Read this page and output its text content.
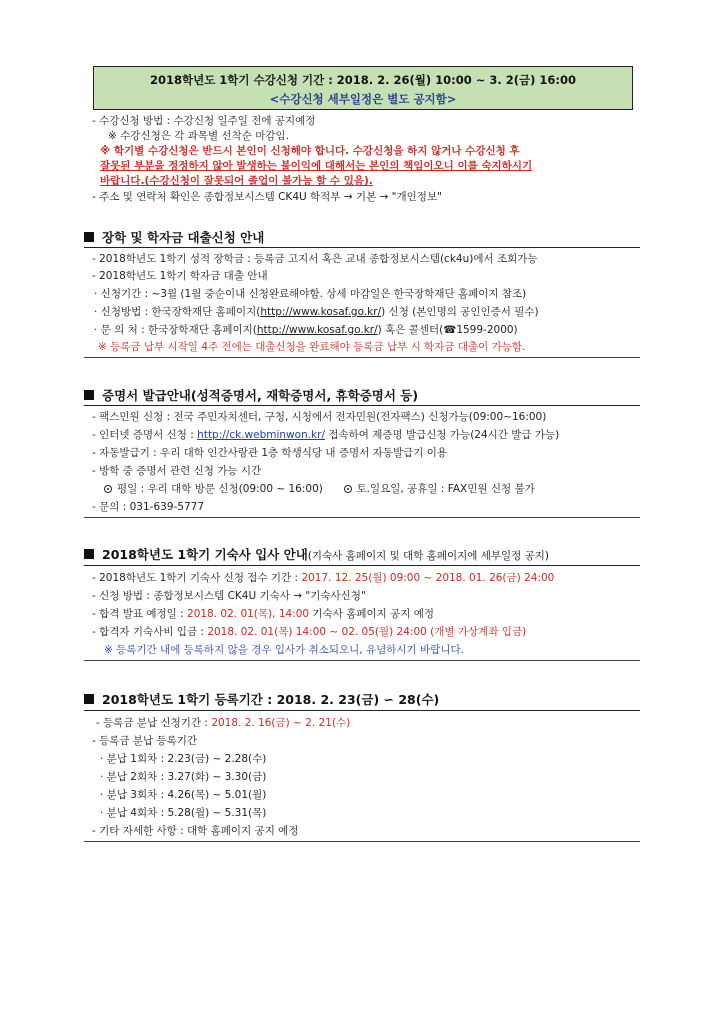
2018학년도 1학기 수강신청 기간 : 2018. 2. 26(월) 10:00 ∼ 3. 2(금) 16:00
<수강신청 세부일정은 별도 공지함>
- 수강신청 방법 : 수강신청 일주일 전에 공지예정
※ 수강신청은 각 과목별 선착순 마감임.
※ 학기별 수강신청은 반드시 본인이 신청해야 합니다. 수강신청을 하지 않거나 수강신청 후
잘못된 부분을 정정하지 않아 발생하는 불이익에 대해서는 본인의 책임이오니 이를 숙지하시기
바랍니다.(수강신청이 잘못되어 졸업이 불가능 할 수 있음).
- 주소 및 연락처 확인은 종합정보시스템 CK4U 학적부 → 기본 → "개인정보"
장학 및 학자금 대출신청 안내
- 2018학년도 1학기 성적 장학금 : 등록금 고지서 혹은 교내 종합정보시스템(ck4u)에서 조회가능
- 2018학년도 1학기 학자금 대출 안내
· 신청기간 : ~3월 (1월 중순이내 신청완료해야함. 상세 마감일은 한국장학재단 홈페이지 참조)
· 신청방법 : 한국장학재단 홈페이지(http://www.kosaf.go.kr/) 신청 (본인명의 공인인증서 필수)
· 문 의 처 : 한국장학재단 홈페이지(http://www.kosaf.go.kr/) 혹은 콜센터(☎1599-2000)
※ 등록금 납부 시작일 4주 전에는 대출신청을 완료해야 등록금 납부 시 학자금 대출이 가능함.
증명서 발급안내(성적증명서, 재학증명서, 휴학증명서 등)
- 팩스민원 신청 : 전국 주민자치센터, 구청, 시청에서 전자민원(전자팩스) 신청가능(09:00~16:00)
- 인터넷 증명서 신청 : http://ck.webminwon.kr/ 접속하여 제증명 발급신청 가능(24시간 발급 가능)
- 자동발급기 : 우리 대학 인간사랑관 1층 학생식당 내 증명서 자동발급기 이용
- 방학 중 증명서 관련 신청 가능 시간
평일 : 우리 대학 방문 신청(09:00 ~ 16:00)	토.일요일, 공휴일 : FAX민원 신청 불가
- 문의 : 031-639-5777
2018학년도 1학기 기숙사 입사 안내(기숙사 홈페이지 및 대학 홈페이지에 세부일정 공지)
- 2018학년도 1학기 기숙사 신청 접수 기간 : 2017. 12. 25(월) 09:00 ~ 2018. 01. 26(금) 24:00
- 신청 방법 : 종합정보시스템 CK4U 기숙사 → "기숙사신청"
- 합격 발표 예정일 : 2018. 02. 01(목), 14:00 기숙사 홈페이지 공지 예정
- 합격자 기숙사비 입금 : 2018. 02. 01(목) 14:00 ~ 02. 05(월) 24:00 (개별 가상계좌 입금)
※ 등록기간 내에 등록하지 않을 경우 입사가 취소되오니, 유념하시기 바랍니다.
2018학년도 1학기 등록기간 : 2018. 2. 23(금) ∽ 28(수)
- 등록금 분납 신청기간 : 2018. 2. 16(금) ~ 2. 21(수)
- 등록금 분납 등록기간
· 분납 1회차 : 2.23(금) ~ 2.28(수)
· 분납 2회차 : 3.27(화) ~ 3.30(금)
· 분납 3회차 : 4.26(목) ~ 5.01(월)
· 분납 4회차 : 5.28(월) ~ 5.31(목)
- 기타 자세한 사항 : 대학 홈페이지 공지 예정
